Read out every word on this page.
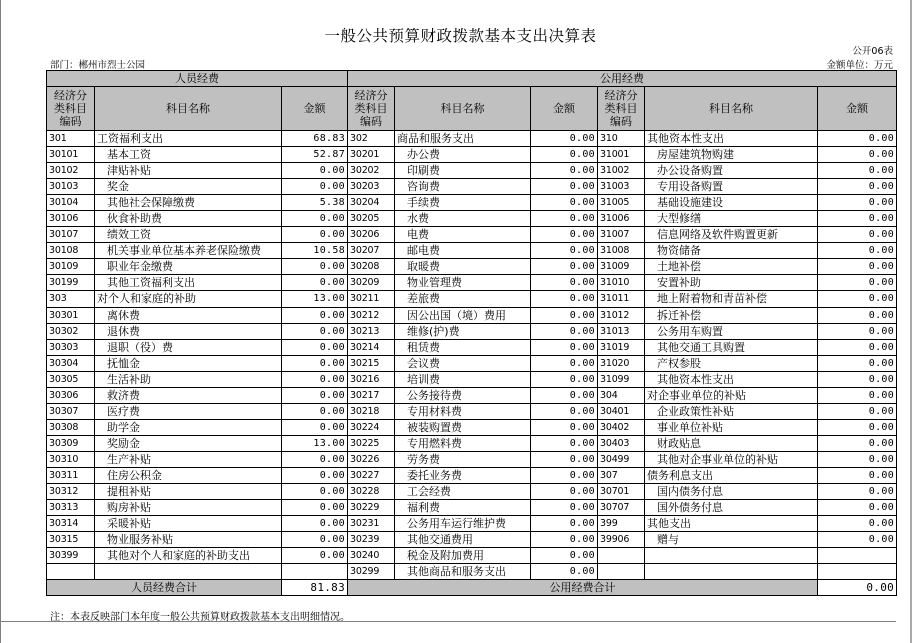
一般公共预算财政拨款基本支出决算表
公开06表
部门：郴州市烈士公园	金额单位：万元
人员经费			公用经费					
经济分类科目编码	科目名称	金额	经济分类科目编码	科目名称	金额	经济分类科目编码	科目名称	金额
301	工资福利支出	68.83	302	商品和服务支出	0.00	310	其他资本性支出	0.00
30101	基本工资	52.87	30201	办公费	0.00	31001	房屋建筑物购建	0.00
30102	津贴补贴	0.00	30202	印刷费	0.00	31002	办公设备购置	0.00
30103	奖金	0.00	30203	咨询费	0.00	31003	专用设备购置	0.00
30104	其他社会保障缴费	5.38	30204	手续费	0.00	31005	基础设施建设	0.00
30106	伙食补助费	0.00	30205	水费	0.00	31006	大型修缮	0.00
30107	绩效工资	0.00	30206	电费	0.00	31007	信息网络及软件购置更新	0.00
30108	机关事业单位基本养老保险缴费	10.58	30207	邮电费	0.00	31008	物资储备	0.00
30109	职业年金缴费	0.00	30208	取暖费	0.00	31009	土地补偿	0.00
30199	其他工资福利支出	0.00	30209	物业管理费	0.00	31010	安置补助	0.00
303	对个人和家庭的补助	13.00	30211	差旅费	0.00	31011	地上附着物和青苗补偿	0.00
30301	离休费	0.00	30212	因公出国（境）费用	0.00	31012	拆迁补偿	0.00
30302	退休费	0.00	30213	维修(护)费	0.00	31013	公务用车购置	0.00
30303	退职（役）费	0.00	30214	租赁费	0.00	31019	其他交通工具购置	0.00
30304	抚恤金	0.00	30215	会议费	0.00	31020	产权参股	0.00
30305	生活补助	0.00	30216	培训费	0.00	31099	其他资本性支出	0.00
30306	救济费	0.00	30217	公务接待费	0.00	304	对企事业单位的补贴	0.00
30307	医疗费	0.00	30218	专用材料费	0.00	30401	企业政策性补贴	0.00
30308	助学金	0.00	30224	被装购置费	0.00	30402	事业单位补贴	0.00
30309	奖励金	13.00	30225	专用燃料费	0.00	30403	财政贴息	0.00
30310	生产补贴	0.00	30226	劳务费	0.00	30499	其他对企事业单位的补贴	0.00
30311	住房公积金	0.00	30227	委托业务费	0.00	307	债务利息支出	0.00
30312	提租补贴	0.00	30228	工会经费	0.00	30701	国内债务付息	0.00
30313	购房补贴	0.00	30229	福利费	0.00	30707	国外债务付息	0.00
30314	采暖补贴	0.00	30231	公务用车运行维护费	0.00	399	其他支出	0.00
30315	物业服务补贴	0.00	30239	其他交通费用	0.00	39906	赠与	0.00
30399	其他对个人和家庭的补助支出	0.00	30240	税金及附加费用	0.00			
			30299	其他商品和服务支出	0.00			
人员经费合计		81.83	公用经费合计					0.00
注：本表反映部门本年度一般公共预算财政拨款基本支出明细情况。
